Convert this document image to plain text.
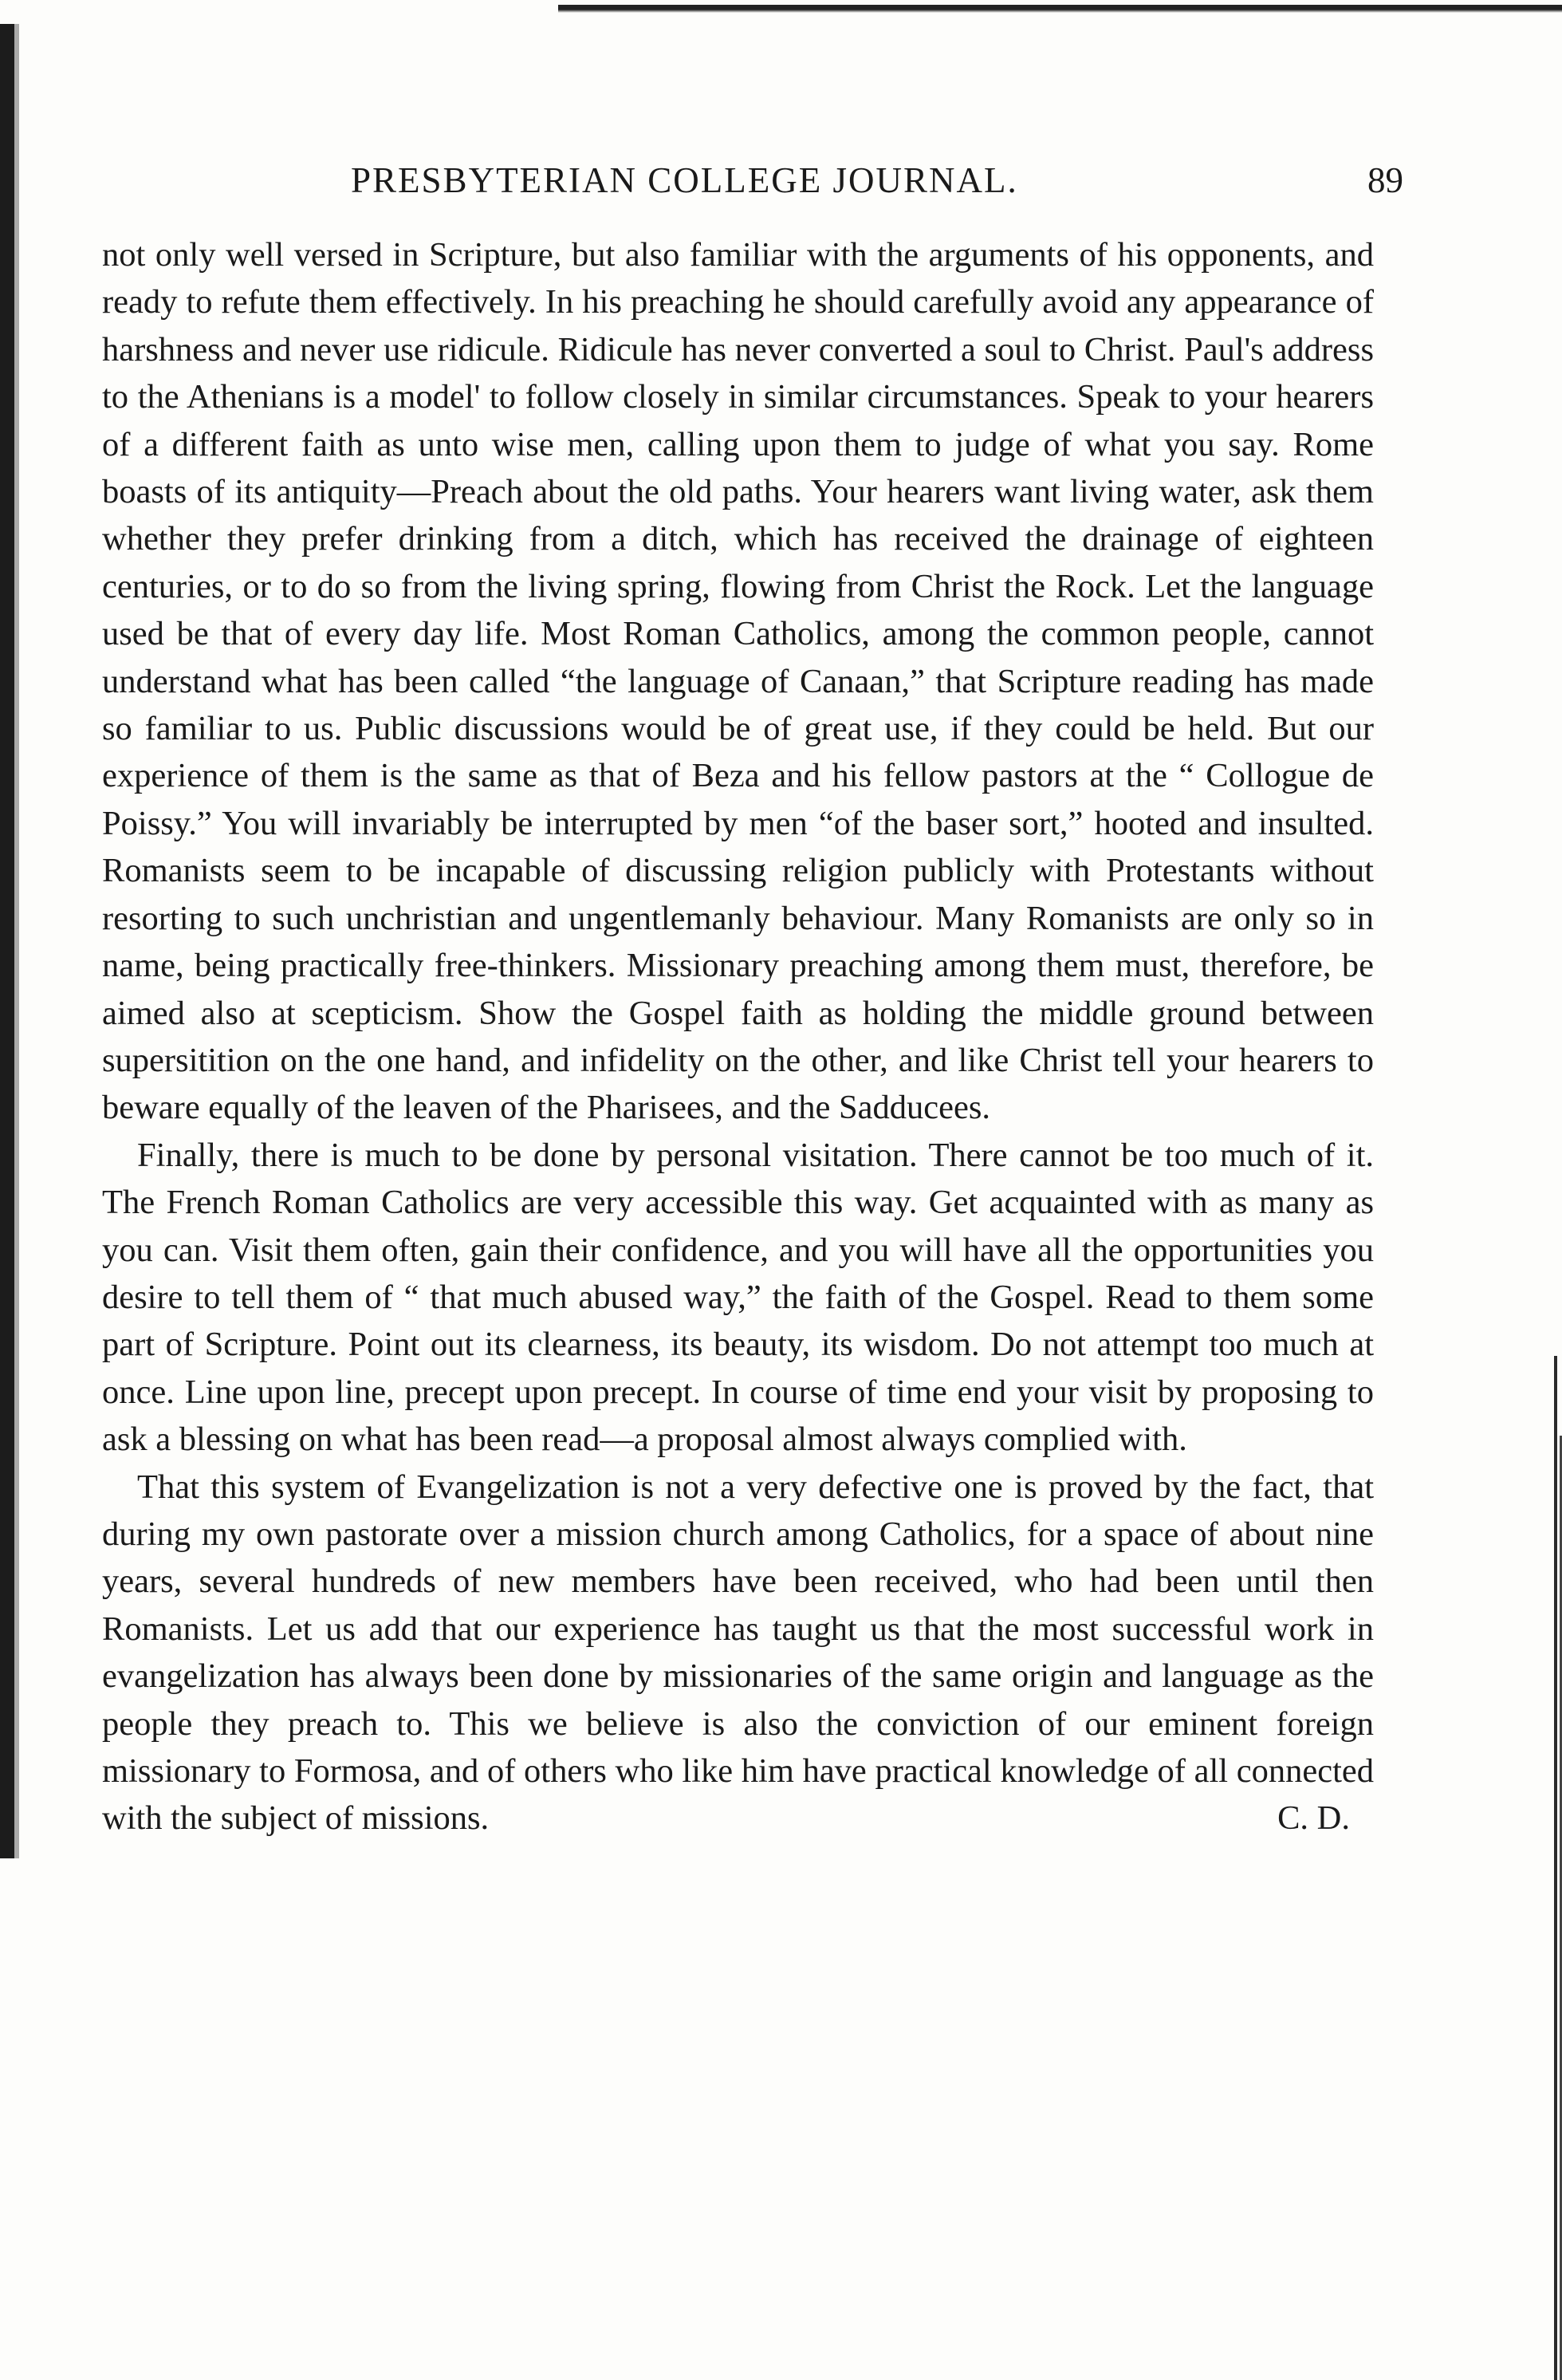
PRESBYTERIAN COLLEGE JOURNAL.	89

not only well versed in Scripture, but also familiar with the arguments of his opponents, and ready to refute them effectively. In his preaching he should carefully avoid any appearance of harshness and never use ridicule. Ridicule has never converted a soul to Christ. Paul's address to the Athenians is a model' to follow closely in similar circumstances. Speak to your hearers of a different faith as unto wise men, calling upon them to judge of what you say. Rome boasts of its antiquity—Preach about the old paths. Your hearers want living water, ask them whether they prefer drinking from a ditch, which has received the drainage of eighteen centuries, or to do so from the living spring, flowing from Christ the Rock. Let the language used be that of every day life. Most Roman Catholics, among the common people, cannot understand what has been called “the language of Canaan,” that Scripture reading has made so familiar to us. Public discussions would be of great use, if they could be held. But our experience of them is the same as that of Beza and his fellow pastors at the “ Collogue de Poissy.” You will invariably be interrupted by men “of the baser sort,” hooted and insulted. Romanists seem to be incapable of discussing religion publicly with Protestants without resorting to such unchristian and ungentlemanly behaviour. Many Romanists are only so in name, being practically free-thinkers. Missionary preaching among them must, therefore, be aimed also at scepticism. Show the Gospel faith as holding the middle ground between supersitition on the one hand, and infidelity on the other, and like Christ tell your hearers to beware equally of the leaven of the Pharisees, and the Sadducees.

Finally, there is much to be done by personal visitation. There cannot be too much of it. The French Roman Catholics are very accessible this way. Get acquainted with as many as you can. Visit them often, gain their confidence, and you will have all the opportunities you desire to tell them of “ that much abused way,” the faith of the Gospel. Read to them some part of Scripture. Point out its clearness, its beauty, its wisdom. Do not attempt too much at once. Line upon line, precept upon precept. In course of time end your visit by proposing to ask a blessing on what has been read—a proposal almost always complied with.

That this system of Evangelization is not a very defective one is proved by the fact, that during my own pastorate over a mission church among Catholics, for a space of about nine years, several hundreds of new members have been received, who had been until then Romanists. Let us add that our experience has taught us that the most successful work in evangelization has always been done by missionaries of the same origin and language as the people they preach to. This we believe is also the conviction of our eminent foreign missionary to Formosa, and of others who like him have practical knowledge of all connected with the subject of missions.	C. D.
